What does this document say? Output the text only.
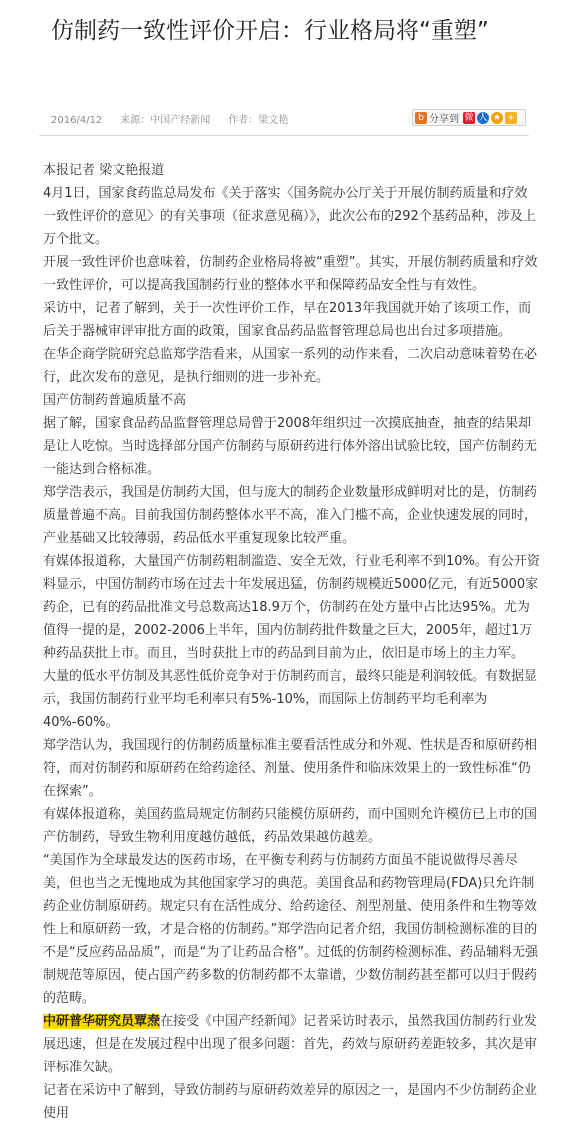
仿制药一致性评价开启：行业格局将“重塑”
2016/4/12 来源：中国产经新闻 作者：梁文艳	b 分享到 微 人 ★ +

本报记者 梁文艳报道

4月1日，国家食药监总局发布《关于落实〈国务院办公厅关于开展仿制药质量和疗效一致性评价的意见〉的有关事项（征求意见稿）》，此次公布的292个基药品种，涉及上万个批文。

开展一致性评价也意味着，仿制药企业格局将被“重塑”。其实，开展仿制药质量和疗效一致性评价，可以提高我国制药行业的整体水平和保障药品安全性与有效性。

采访中，记者了解到，关于一次性评价工作，早在2013年我国就开始了该项工作，而后关于器械审评审批方面的政策，国家食品药品监督管理总局也出台过多项措施。

在华企商学院研究总监郑学浩看来，从国家一系列的动作来看，二次启动意味着势在必行，此次发布的意见，是执行细则的进一步补充。

国产仿制药普遍质量不高

据了解，国家食品药品监督管理总局曾于2008年组织过一次摸底抽查，抽查的结果却是让人吃惊。当时选择部分国产仿制药与原研药进行体外溶出试验比较，国产仿制药无一能达到合格标准。

郑学浩表示，我国是仿制药大国，但与庞大的制药企业数量形成鲜明对比的是，仿制药质量普遍不高。目前我国仿制药整体水平不高，准入门槛不高，企业快速发展的同时，产业基础又比较薄弱，药品低水平重复现象比较严重。

有媒体报道称，大量国产仿制药粗制滥造、安全无效，行业毛利率不到10%。有公开资料显示，中国仿制药市场在过去十年发展迅猛，仿制药规模近5000亿元，有近5000家药企，已有的药品批准文号总数高达18.9万个，仿制药在处方量中占比达95%。尤为值得一提的是，2002-2006上半年，国内仿制药批件数量之巨大，2005年，超过1万种药品获批上市。而且，当时获批上市的药品到目前为止，依旧是市场上的主力军。

大量的低水平仿制及其恶性低价竞争对于仿制药而言，最终只能是利润较低。有数据显示，我国仿制药行业平均毛利率只有5%-10%，而国际上仿制药平均毛利率为40%-60%。

郑学浩认为，我国现行的仿制药质量标准主要看活性成分和外观、性状是否和原研药相符，而对仿制药和原研药在给药途径、剂量、使用条件和临床效果上的一致性标准“仍在探索”。

有媒体报道称，美国药监局规定仿制药只能模仿原研药，而中国则允许模仿已上市的国产仿制药，导致生物利用度越仿越低，药品效果越仿越差。

“美国作为全球最发达的医药市场，在平衡专利药与仿制药方面虽不能说做得尽善尽美，但也当之无愧地成为其他国家学习的典范。美国食品和药物管理局(FDA)只允许制药企业仿制原研药。规定只有在活性成分、给药途径、剂型剂量、使用条件和生物等效性上和原研药一致，才是合格的仿制药。”郑学浩向记者介绍，我国仿制检测标准的目的不是“反应药品品质”，而是“为了让药品合格”。过低的仿制药检测标准、药品辅料无强制规范等原因，使占国产药多数的仿制药都不太靠谱，少数仿制药甚至都可以归于假药的范畴。

中研普华研究员覃焘在接受《中国产经新闻》记者采访时表示，虽然我国仿制药行业发展迅速，但是在发展过程中出现了很多问题：首先，药效与原研药差距较多，其次是审评标准欠缺。

记者在采访中了解到，导致仿制药与原研药效差异的原因之一，是国内不少仿制药企业使用
